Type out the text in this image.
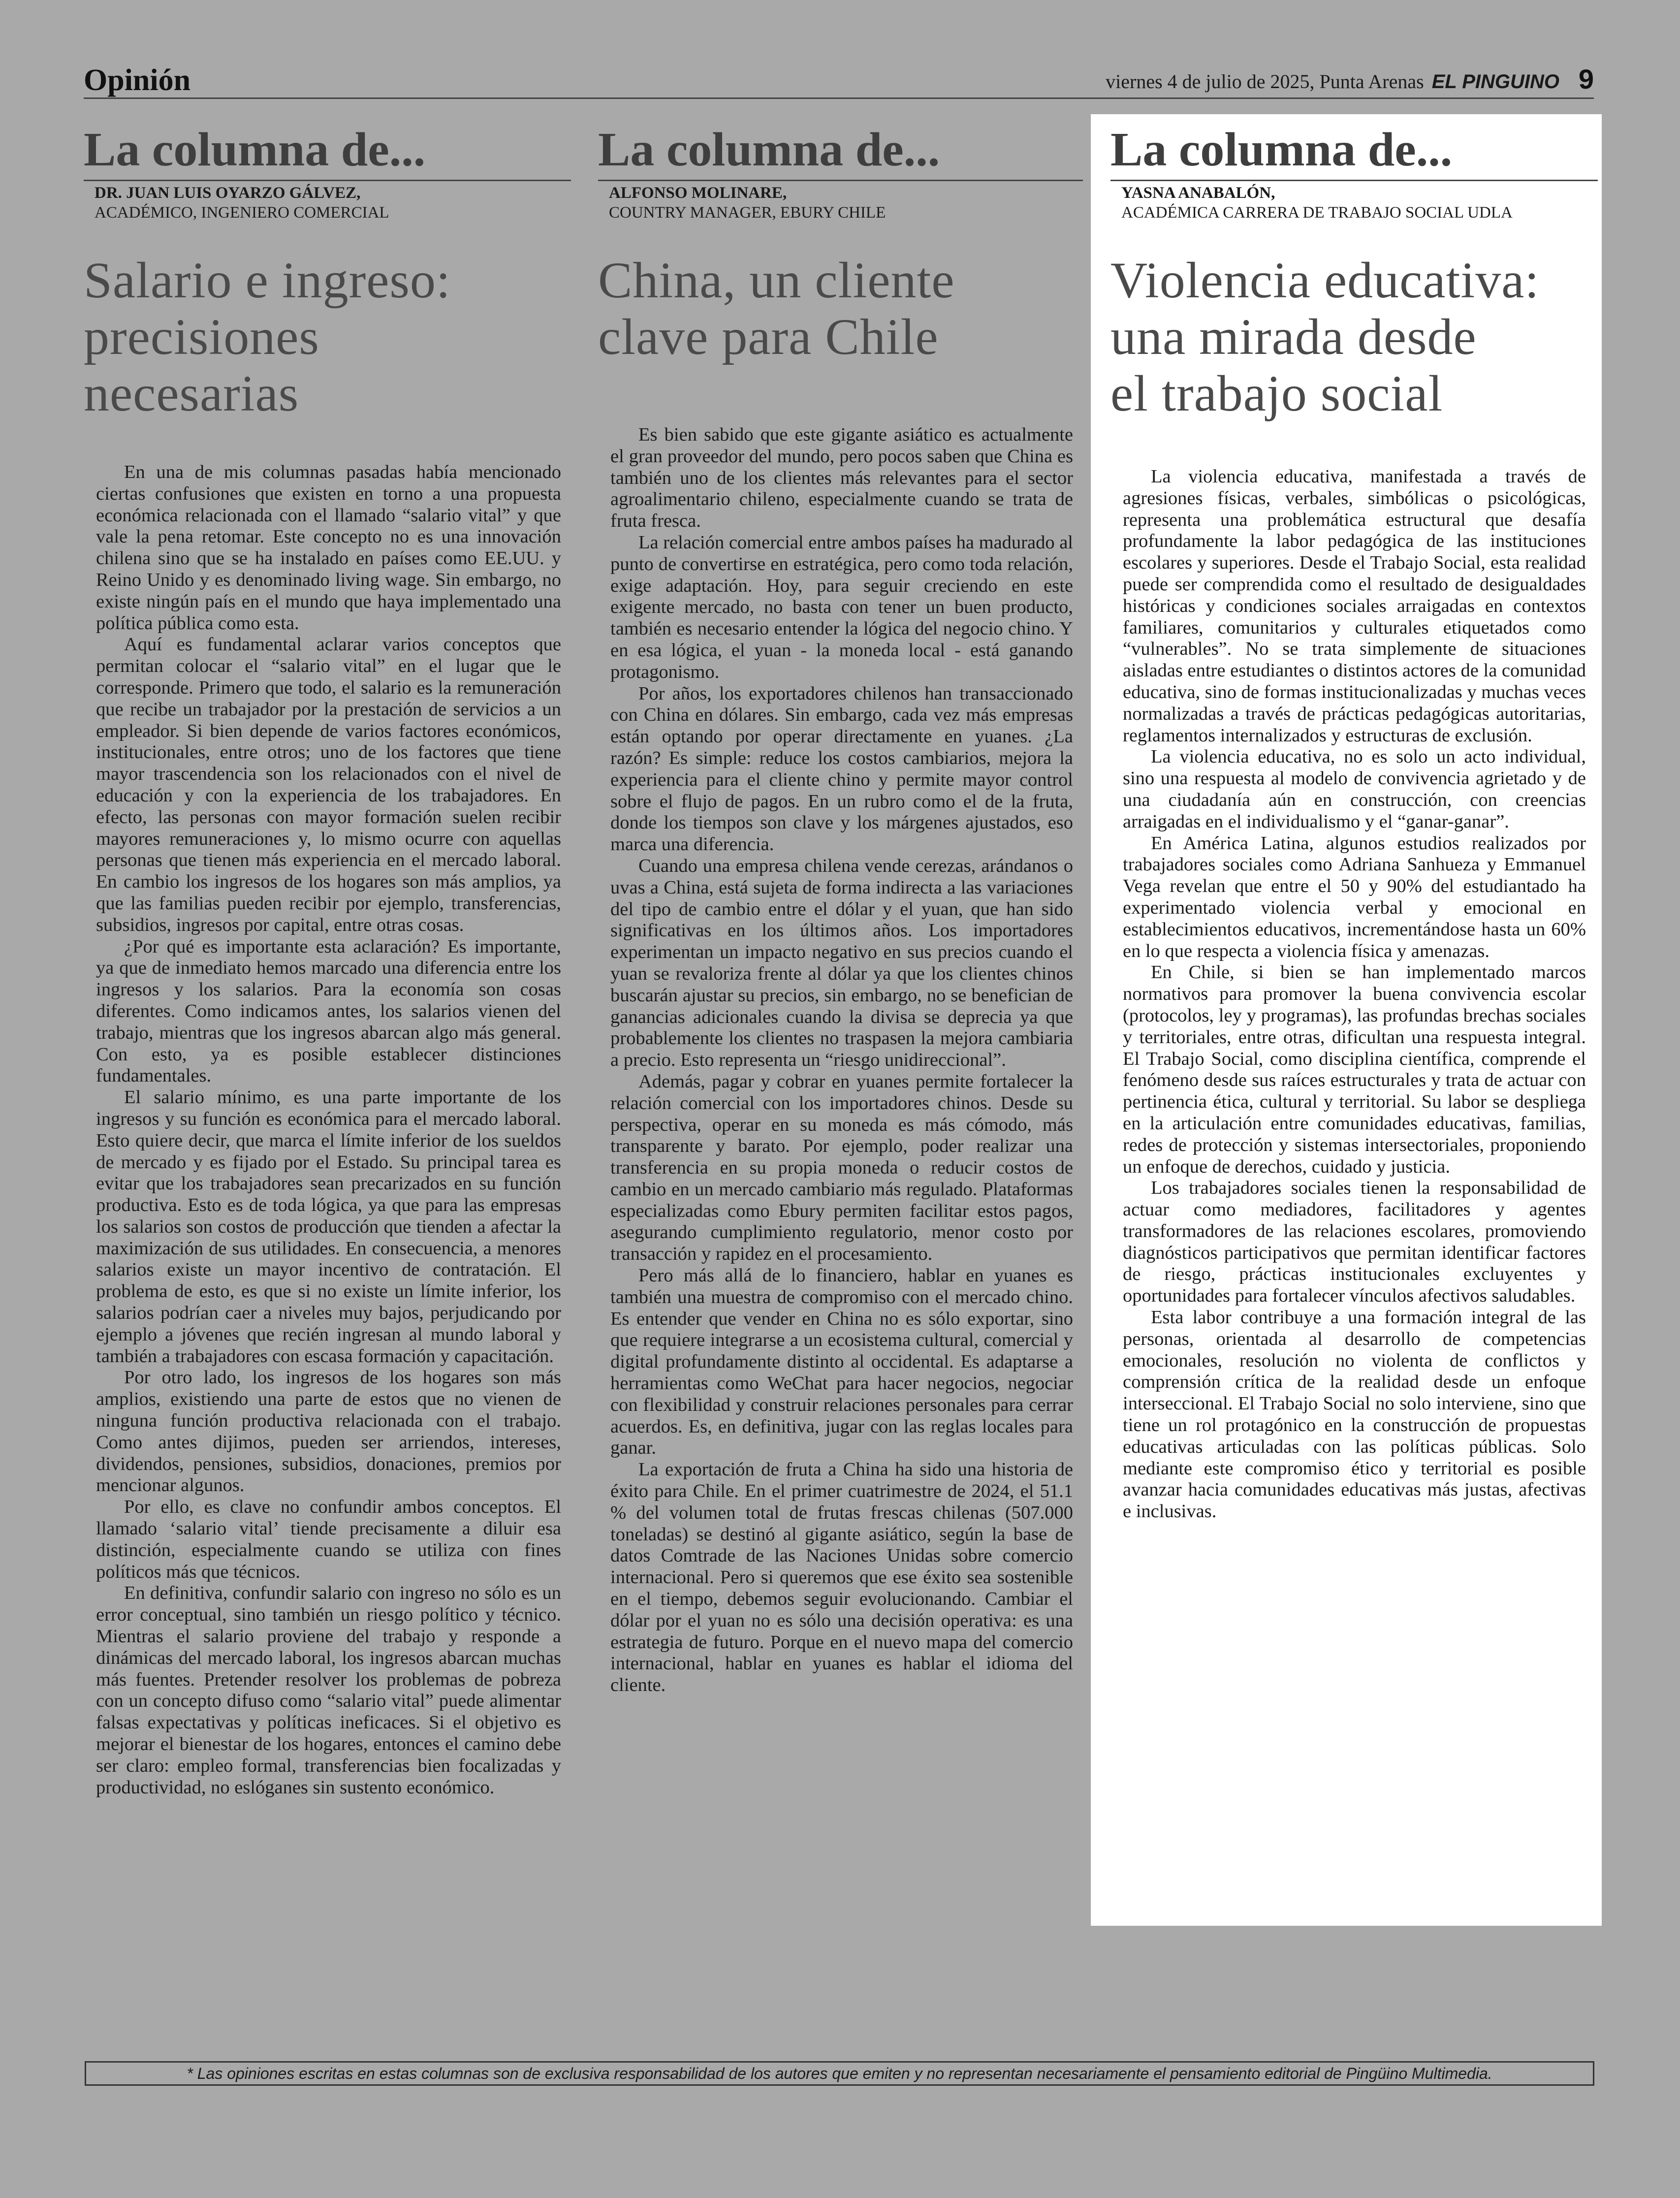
Opinión	viernes 4 de julio de 2025, Punta Arenas EL PINGUINO 9
La columna de...
DR. JUAN LUIS OYARZO GÁLVEZ,
ACADÉMICO, INGENIERO COMERCIAL
Salario e ingreso:
precisiones
necesarias

En una de mis columnas pasadas había mencionado ciertas confusiones que existen en torno a una propuesta económica relacionada con el llamado “salario vital” y que vale la pena retomar. Este concepto no es una innovación chilena sino que se ha instalado en países como EE.UU. y Reino Unido y es denominado living wage. Sin embargo, no existe ningún país en el mundo que haya implementado una política pública como esta.

Aquí es fundamental aclarar varios conceptos que permitan colocar el “salario vital” en el lugar que le corresponde. Primero que todo, el salario es la remuneración que recibe un trabajador por la prestación de servicios a un empleador. Si bien depende de varios factores económicos, institucionales, entre otros; uno de los factores que tiene mayor trascendencia son los relacionados con el nivel de educación y con la experiencia de los trabajadores. En efecto, las personas con mayor formación suelen recibir mayores remuneraciones y, lo mismo ocurre con aquellas personas que tienen más experiencia en el mercado laboral. En cambio los ingresos de los hogares son más amplios, ya que las familias pueden recibir por ejemplo, transferencias, subsidios, ingresos por capital, entre otras cosas.

¿Por qué es importante esta aclaración? Es importante, ya que de inmediato hemos marcado una diferencia entre los ingresos y los salarios. Para la economía son cosas diferentes. Como indicamos antes, los salarios vienen del trabajo, mientras que los ingresos abarcan algo más general. Con esto, ya es posible establecer distinciones fundamentales.

El salario mínimo, es una parte importante de los ingresos y su función es económica para el mercado laboral. Esto quiere decir, que marca el límite inferior de los sueldos de mercado y es fijado por el Estado. Su principal tarea es evitar que los trabajadores sean precarizados en su función productiva. Esto es de toda lógica, ya que para las empresas los salarios son costos de producción que tienden a afectar la maximización de sus utilidades. En consecuencia, a menores salarios existe un mayor incentivo de contratación. El problema de esto, es que si no existe un límite inferior, los salarios podrían caer a niveles muy bajos, perjudicando por ejemplo a jóvenes que recién ingresan al mundo laboral y también a trabajadores con escasa formación y capacitación.

Por otro lado, los ingresos de los hogares son más amplios, existiendo una parte de estos que no vienen de ninguna función productiva relacionada con el trabajo. Como antes dijimos, pueden ser arriendos, intereses, dividendos, pensiones, subsidios, donaciones, premios por mencionar algunos.

Por ello, es clave no confundir ambos conceptos. El llamado ‘salario vital’ tiende precisamente a diluir esa distinción, especialmente cuando se utiliza con fines políticos más que técnicos.

En definitiva, confundir salario con ingreso no sólo es un error conceptual, sino también un riesgo político y técnico. Mientras el salario proviene del trabajo y responde a dinámicas del mercado laboral, los ingresos abarcan muchas más fuentes. Pretender resolver los problemas de pobreza con un concepto difuso como “salario vital” puede alimentar falsas expectativas y políticas ineficaces. Si el objetivo es mejorar el bienestar de los hogares, entonces el camino debe ser claro: empleo formal, transferencias bien focalizadas y productividad, no eslóganes sin sustento económico.

La columna de...
ALFONSO MOLINARE,
COUNTRY MANAGER, EBURY CHILE
China, un cliente
clave para Chile

Es bien sabido que este gigante asiático es actualmente el gran proveedor del mundo, pero pocos saben que China es también uno de los clientes más relevantes para el sector agroalimentario chileno, especialmente cuando se trata de fruta fresca.

La relación comercial entre ambos países ha madurado al punto de convertirse en estratégica, pero como toda relación, exige adaptación. Hoy, para seguir creciendo en este exigente mercado, no basta con tener un buen producto, también es necesario entender la lógica del negocio chino. Y en esa lógica, el yuan - la moneda local - está ganando protagonismo.

Por años, los exportadores chilenos han transaccionado con China en dólares. Sin embargo, cada vez más empresas están optando por operar directamente en yuanes. ¿La razón? Es simple: reduce los costos cambiarios, mejora la experiencia para el cliente chino y permite mayor control sobre el flujo de pagos. En un rubro como el de la fruta, donde los tiempos son clave y los márgenes ajustados, eso marca una diferencia.

Cuando una empresa chilena vende cerezas, arándanos o uvas a China, está sujeta de forma indirecta a las variaciones del tipo de cambio entre el dólar y el yuan, que han sido significativas en los últimos años. Los importadores experimentan un impacto negativo en sus precios cuando el yuan se revaloriza frente al dólar ya que los clientes chinos buscarán ajustar su precios, sin embargo, no se benefician de ganancias adicionales cuando la divisa se deprecia ya que probablemente los clientes no traspasen la mejora cambiaria a precio. Esto representa un “riesgo unidireccional”.

Además, pagar y cobrar en yuanes permite fortalecer la relación comercial con los importadores chinos. Desde su perspectiva, operar en su moneda es más cómodo, más transparente y barato. Por ejemplo, poder realizar una transferencia en su propia moneda o reducir costos de cambio en un mercado cambiario más regulado. Plataformas especializadas como Ebury permiten facilitar estos pagos, asegurando cumplimiento regulatorio, menor costo por transacción y rapidez en el procesamiento.

Pero más allá de lo financiero, hablar en yuanes es también una muestra de compromiso con el mercado chino. Es entender que vender en China no es sólo exportar, sino que requiere integrarse a un ecosistema cultural, comercial y digital profundamente distinto al occidental. Es adaptarse a herramientas como WeChat para hacer negocios, negociar con flexibilidad y construir relaciones personales para cerrar acuerdos. Es, en definitiva, jugar con las reglas locales para ganar.

La exportación de fruta a China ha sido una historia de éxito para Chile. En el primer cuatrimestre de 2024, el 51.1 % del volumen total de frutas frescas chilenas (507.000 toneladas) se destinó al gigante asiático, según la base de datos Comtrade de las Naciones Unidas sobre comercio internacional. Pero si queremos que ese éxito sea sostenible en el tiempo, debemos seguir evolucionando. Cambiar el dólar por el yuan no es sólo una decisión operativa: es una estrategia de futuro. Porque en el nuevo mapa del comercio internacional, hablar en yuanes es hablar el idioma del cliente.

La columna de...
YASNA ANABALÓN,
ACADÉMICA CARRERA DE TRABAJO SOCIAL UDLA
Violencia educativa:
una mirada desde
el trabajo social

La violencia educativa, manifestada a través de agresiones físicas, verbales, simbólicas o psicológicas, representa una problemática estructural que desafía profundamente la labor pedagógica de las instituciones escolares y superiores. Desde el Trabajo Social, esta realidad puede ser comprendida como el resultado de desigualdades históricas y condiciones sociales arraigadas en contextos familiares, comunitarios y culturales etiquetados como “vulnerables”. No se trata simplemente de situaciones aisladas entre estudiantes o distintos actores de la comunidad educativa, sino de formas institucionalizadas y muchas veces normalizadas a través de prácticas pedagógicas autoritarias, reglamentos internalizados y estructuras de exclusión.

La violencia educativa, no es solo un acto individual, sino una respuesta al modelo de convivencia agrietado y de una ciudadanía aún en construcción, con creencias arraigadas en el individualismo y el “ganar-ganar”.

En América Latina, algunos estudios realizados por trabajadores sociales como Adriana Sanhueza y Emmanuel Vega revelan que entre el 50 y 90% del estudiantado ha experimentado violencia verbal y emocional en establecimientos educativos, incrementándose hasta un 60% en lo que respecta a violencia física y amenazas.

En Chile, si bien se han implementado marcos normativos para promover la buena convivencia escolar (protocolos, ley y programas), las profundas brechas sociales y territoriales, entre otras, dificultan una respuesta integral. El Trabajo Social, como disciplina científica, comprende el fenómeno desde sus raíces estructurales y trata de actuar con pertinencia ética, cultural y territorial. Su labor se despliega en la articulación entre comunidades educativas, familias, redes de protección y sistemas intersectoriales, proponiendo un enfoque de derechos, cuidado y justicia.

Los trabajadores sociales tienen la responsabilidad de actuar como mediadores, facilitadores y agentes transformadores de las relaciones escolares, promoviendo diagnósticos participativos que permitan identificar factores de riesgo, prácticas institucionales excluyentes y oportunidades para fortalecer vínculos afectivos saludables.

Esta labor contribuye a una formación integral de las personas, orientada al desarrollo de competencias emocionales, resolución no violenta de conflictos y comprensión crítica de la realidad desde un enfoque interseccional. El Trabajo Social no solo interviene, sino que tiene un rol protagónico en la construcción de propuestas educativas articuladas con las políticas públicas. Solo mediante este compromiso ético y territorial es posible avanzar hacia comunidades educativas más justas, afectivas e inclusivas.

* Las opiniones escritas en estas columnas son de exclusiva responsabilidad de los autores que emiten y no representan necesariamente el pensamiento editorial de Pingüino Multimedia.
